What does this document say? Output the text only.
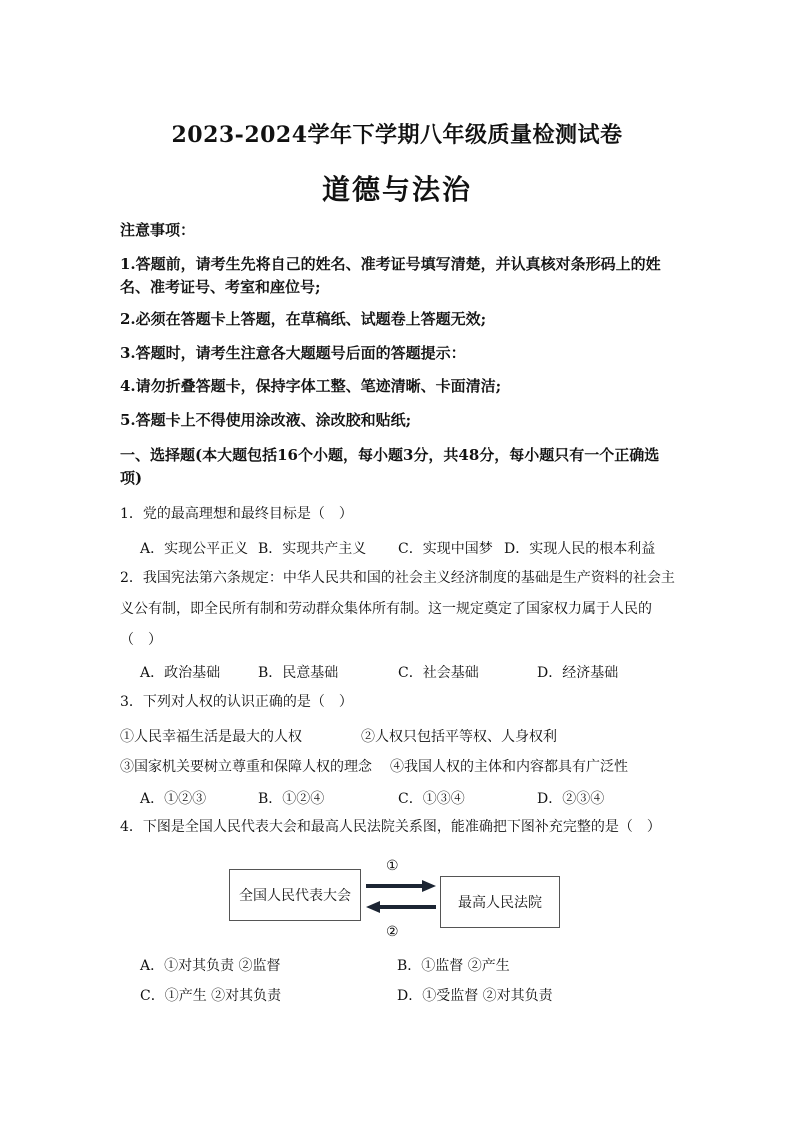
2023-2024学年下学期八年级质量检测试卷
道德与法治
注意事项：
1.答题前，请考生先将自己的姓名、准考证号填写清楚，并认真核对条形码上的姓名、准考证号、考室和座位号;
2.必须在答题卡上答题，在草稿纸、试题卷上答题无效;
3.答题时，请考生注意各大题题号后面的答题提示：
4.请勿折叠答题卡，保持字体工整、笔迹清晰、卡面清洁;
5.答题卡上不得使用涂改液、涂改胶和贴纸;
一、选择题(本大题包括16个小题，每小题3分，共48分，每小题只有一个正确选项)
1．党的最高理想和最终目标是（　）
A．实现公平正义 B．实现共产主义 C．实现中国梦 D．实现人民的根本利益
2．我国宪法第六条规定：中华人民共和国的社会主义经济制度的基础是生产资料的社会主义公有制，即全民所有制和劳动群众集体所有制。这一规定奠定了国家权力属于人民的（　）
A．政治基础	B．民意基础	C．社会基础	D．经济基础
3．下列对人权的认识正确的是（　）
①人民幸福生活是最大的人权	②人权只包括平等权、人身权利
③国家机关要树立尊重和保障人权的理念 ④我国人权的主体和内容都具有广泛性
A．①②③	B．①②④	C．①③④	D．②③④
4．下图是全国人民代表大会和最高人民法院关系图，能准确把下图补充完整的是（　）
全国人民代表大会	最高人民法院
①
②
A．①对其负责 ②监督	B．①监督 ②产生
C．①产生 ②对其负责	D．①受监督 ②对其负责
